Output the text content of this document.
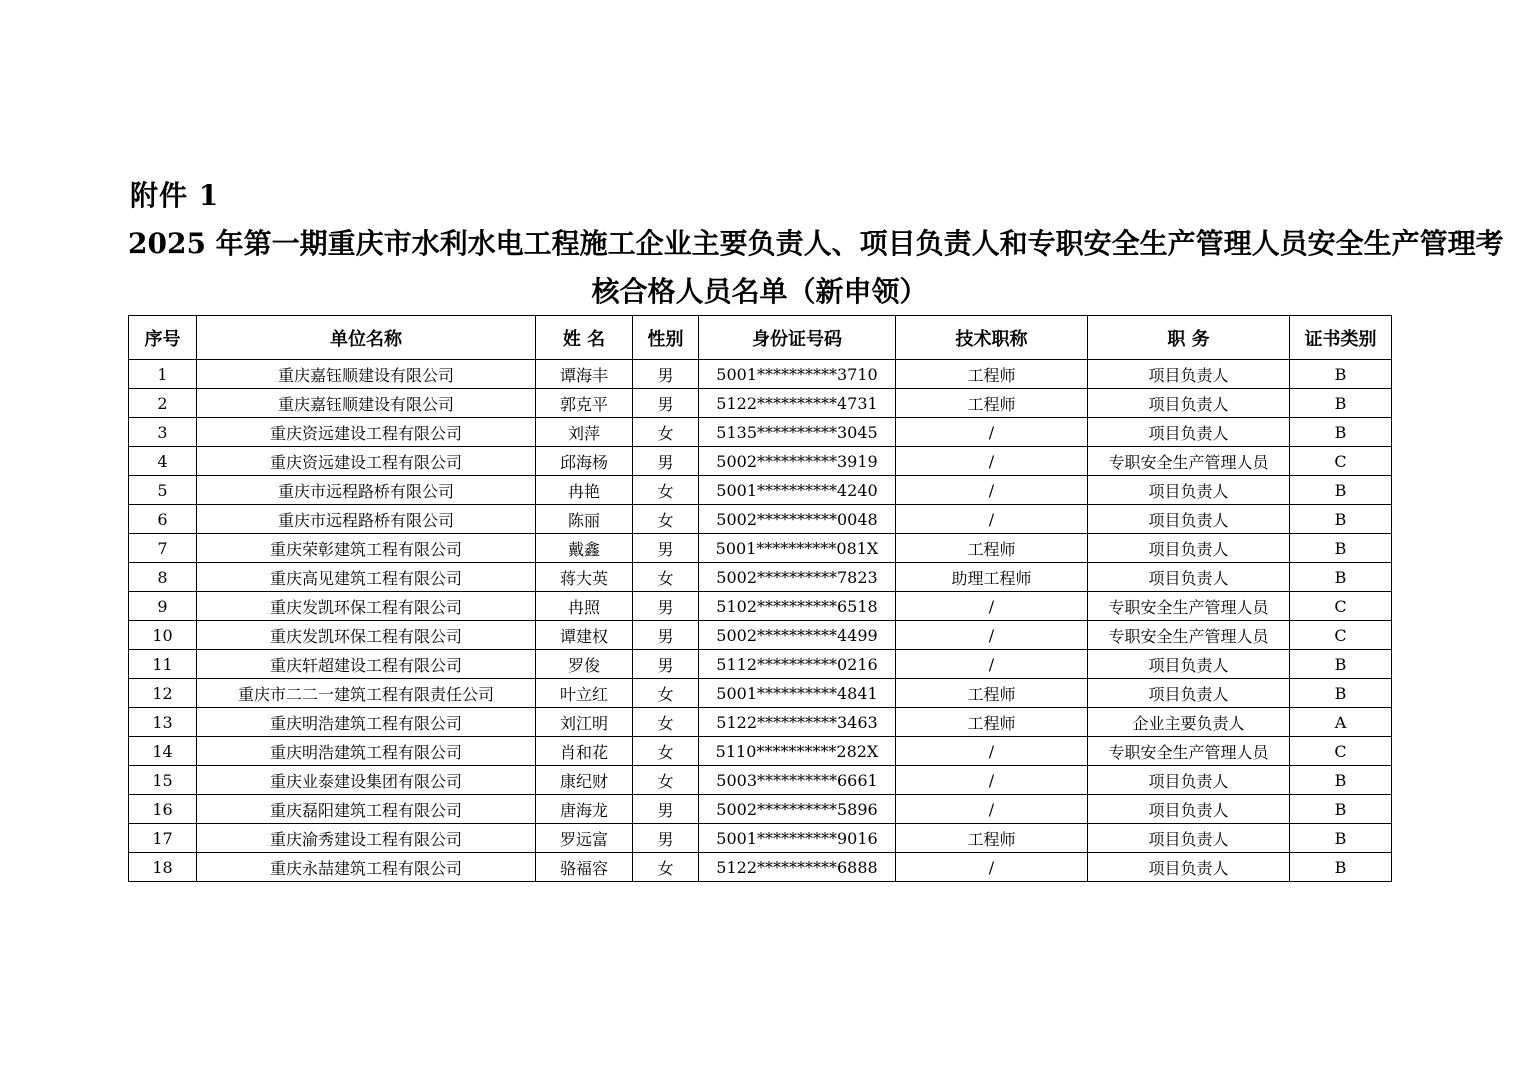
附件 1
2025 年第一期重庆市水利水电工程施工企业主要负责人、项目负责人和专职安全生产管理人员安全生产管理考
核合格人员名单（新申领）
序号	单位名称	姓 名	性别	身份证号码	技术职称	职 务	证书类别
1	重庆嘉钰顺建设有限公司	谭海丰	男	5001**********3710	工程师	项目负责人	B
2	重庆嘉钰顺建设有限公司	郭克平	男	5122**********4731	工程师	项目负责人	B
3	重庆资远建设工程有限公司	刘萍	女	5135**********3045	/	项目负责人	B
4	重庆资远建设工程有限公司	邱海杨	男	5002**********3919	/	专职安全生产管理人员	C
5	重庆市远程路桥有限公司	冉艳	女	5001**********4240	/	项目负责人	B
6	重庆市远程路桥有限公司	陈丽	女	5002**********0048	/	项目负责人	B
7	重庆荣彰建筑工程有限公司	戴鑫	男	5001**********081X	工程师	项目负责人	B
8	重庆高见建筑工程有限公司	蒋大英	女	5002**********7823	助理工程师	项目负责人	B
9	重庆发凯环保工程有限公司	冉照	男	5102**********6518	/	专职安全生产管理人员	C
10	重庆发凯环保工程有限公司	谭建权	男	5002**********4499	/	专职安全生产管理人员	C
11	重庆轩超建设工程有限公司	罗俊	男	5112**********0216	/	项目负责人	B
12	重庆市二二一建筑工程有限责任公司	叶立红	女	5001**********4841	工程师	项目负责人	B
13	重庆明浩建筑工程有限公司	刘江明	女	5122**********3463	工程师	企业主要负责人	A
14	重庆明浩建筑工程有限公司	肖和花	女	5110**********282X	/	专职安全生产管理人员	C
15	重庆业泰建设集团有限公司	康纪财	女	5003**********6661	/	项目负责人	B
16	重庆磊阳建筑工程有限公司	唐海龙	男	5002**********5896	/	项目负责人	B
17	重庆渝秀建设工程有限公司	罗远富	男	5001**********9016	工程师	项目负责人	B
18	重庆永喆建筑工程有限公司	骆福容	女	5122**********6888	/	项目负责人	B
